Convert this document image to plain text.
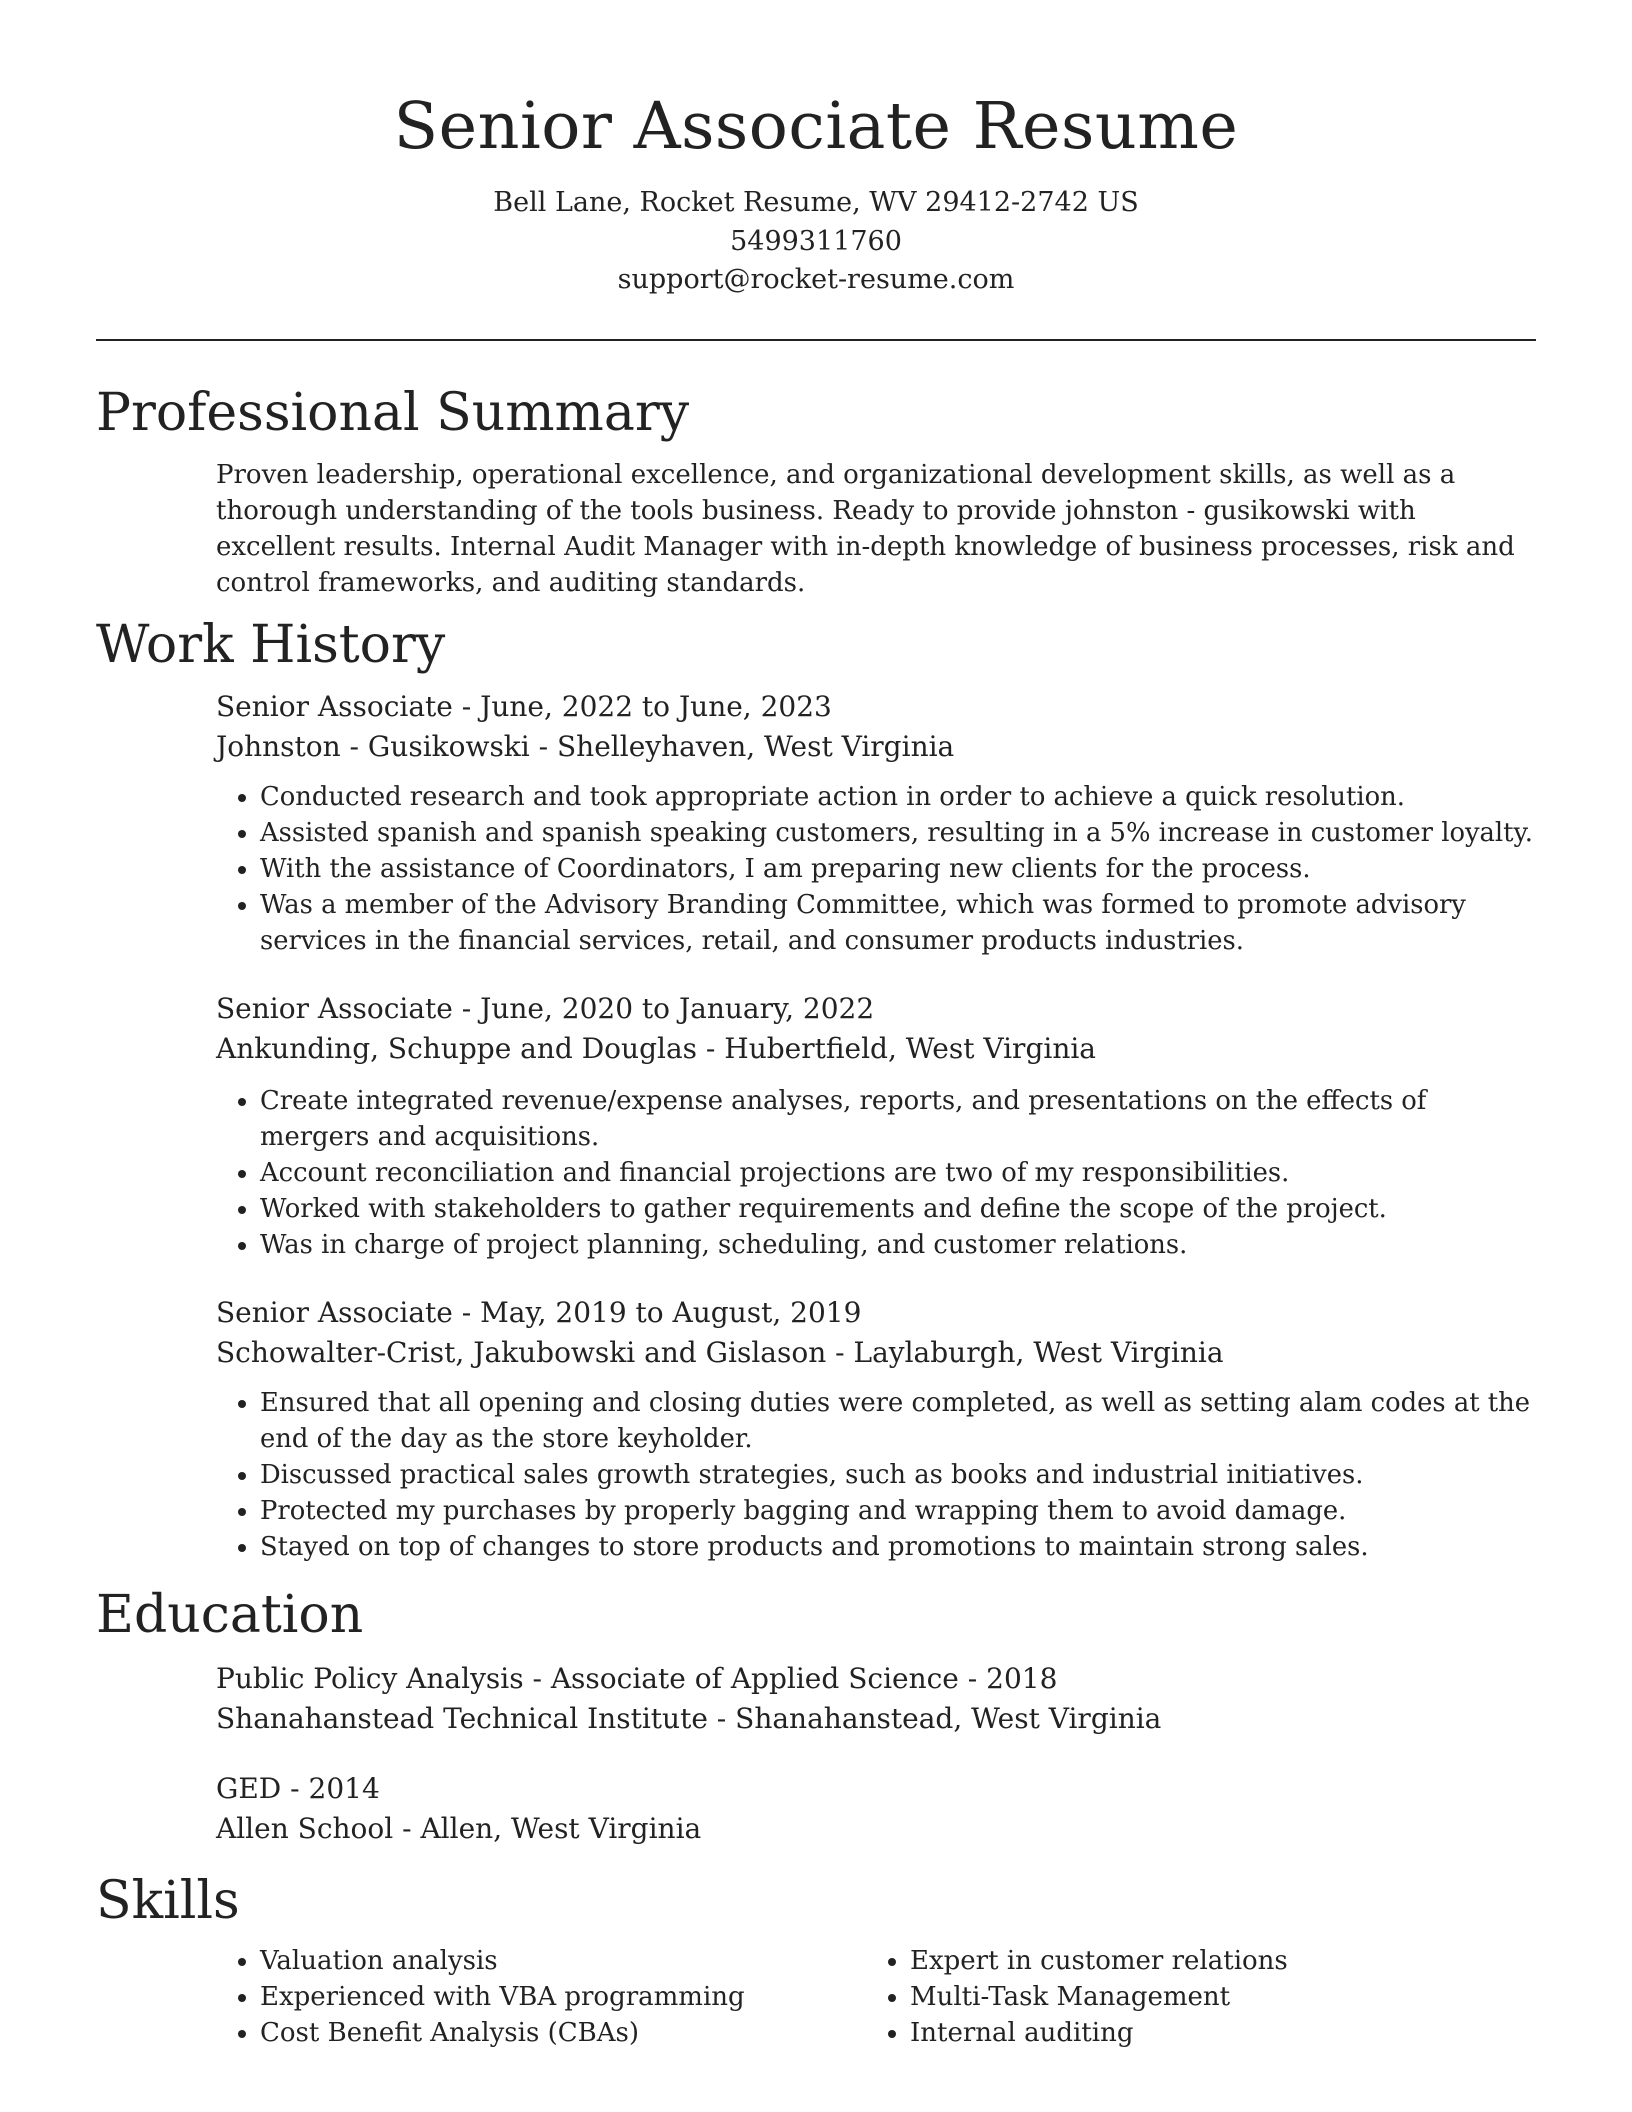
Senior Associate Resume
Bell Lane, Rocket Resume, WV 29412-2742 US
5499311760
support@rocket-resume.com
Professional Summary

Proven leadership, operational excellence, and organizational development skills, as well as a thorough understanding of the tools business. Ready to provide johnston - gusikowski with excellent results. Internal Audit Manager with in-depth knowledge of business processes, risk and control frameworks, and auditing standards.

Work History

Senior Associate - June, 2022 to June, 2023

Johnston - Gusikowski - Shelleyhaven, West Virginia

• Conducted research and took appropriate action in order to achieve a quick resolution.
• Assisted spanish and spanish speaking customers, resulting in a 5% increase in customer loyalty.
• With the assistance of Coordinators, I am preparing new clients for the process.
• Was a member of the Advisory Branding Committee, which was formed to promote advisory services in the financial services, retail, and consumer products industries.

Senior Associate - June, 2020 to January, 2022

Ankunding, Schuppe and Douglas - Hubertfield, West Virginia

• Create integrated revenue/expense analyses, reports, and presentations on the effects of mergers and acquisitions.
• Account reconciliation and financial projections are two of my responsibilities.
• Worked with stakeholders to gather requirements and define the scope of the project.
• Was in charge of project planning, scheduling, and customer relations.

Senior Associate - May, 2019 to August, 2019

Schowalter-Crist, Jakubowski and Gislason - Laylaburgh, West Virginia

• Ensured that all opening and closing duties were completed, as well as setting alam codes at the end of the day as the store keyholder.
• Discussed practical sales growth strategies, such as books and industrial initiatives.
• Protected my purchases by properly bagging and wrapping them to avoid damage.
• Stayed on top of changes to store products and promotions to maintain strong sales.
Education

Public Policy Analysis - Associate of Applied Science - 2018

Shanahanstead Technical Institute - Shanahanstead, West Virginia

GED - 2014

Allen School - Allen, West Virginia

Skills
• Valuation analysis
• Experienced with VBA programming
• Cost Benefit Analysis (CBAs)
• Expert in customer relations
• Multi-Task Management
• Internal auditing
